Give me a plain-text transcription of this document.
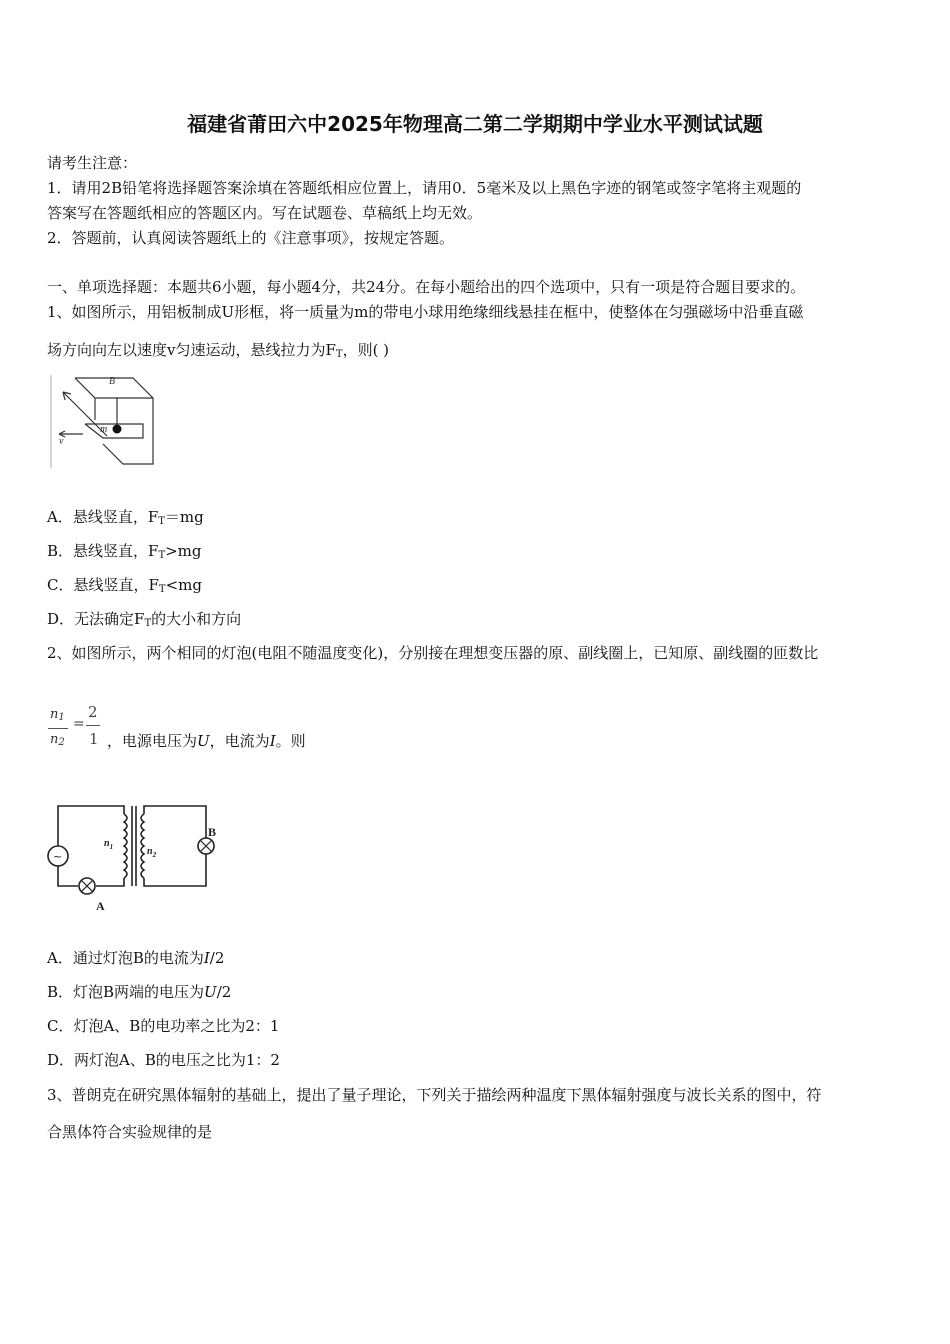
福建省莆田六中2025年物理高二第二学期期中学业水平测试试题
请考生注意：
1．请用2B铅笔将选择题答案涂填在答题纸相应位置上，请用0．5毫米及以上黑色字迹的钢笔或签字笔将主观题的
答案写在答题纸相应的答题区内。写在试题卷、草稿纸上均无效。
2．答题前，认真阅读答题纸上的《注意事项》，按规定答题。
一、单项选择题：本题共6小题，每小题4分，共24分。在每小题给出的四个选项中，只有一项是符合题目要求的。
1、如图所示，用铝板制成U形框，将一质量为m的带电小球用绝缘细线悬挂在框中，使整体在匀强磁场中沿垂直磁
场方向向左以速度v匀速运动，悬线拉力为$F_T$，则( )
B
m
v
A．悬线竖直，$F_T=mg$
B．悬线竖直，$F_T>mg$
C．悬线竖直，$F_T<mg$
D．无法确定$F_T$的大小和方向
2、如图所示，两个相同的灯泡(电阻不随温度变化)，分别接在理想变压器的原、副线圈上，已知原、副线圈的匝数比
$n_1$
$n_2$
=
2
1 ，电源电压为U，电流为I。则
~
$n_1$	$n_2$
B
A
A．通过灯泡B的电流为I/2
B．灯泡B两端的电压为U/2
C．灯泡A、B的电功率之比为2：1
D．两灯泡A、B的电压之比为1：2
3、普朗克在研究黑体辐射的基础上，提出了量子理论，下列关于描绘两种温度下黑体辐射强度与波长关系的图中，符
合黑体符合实验规律的是
